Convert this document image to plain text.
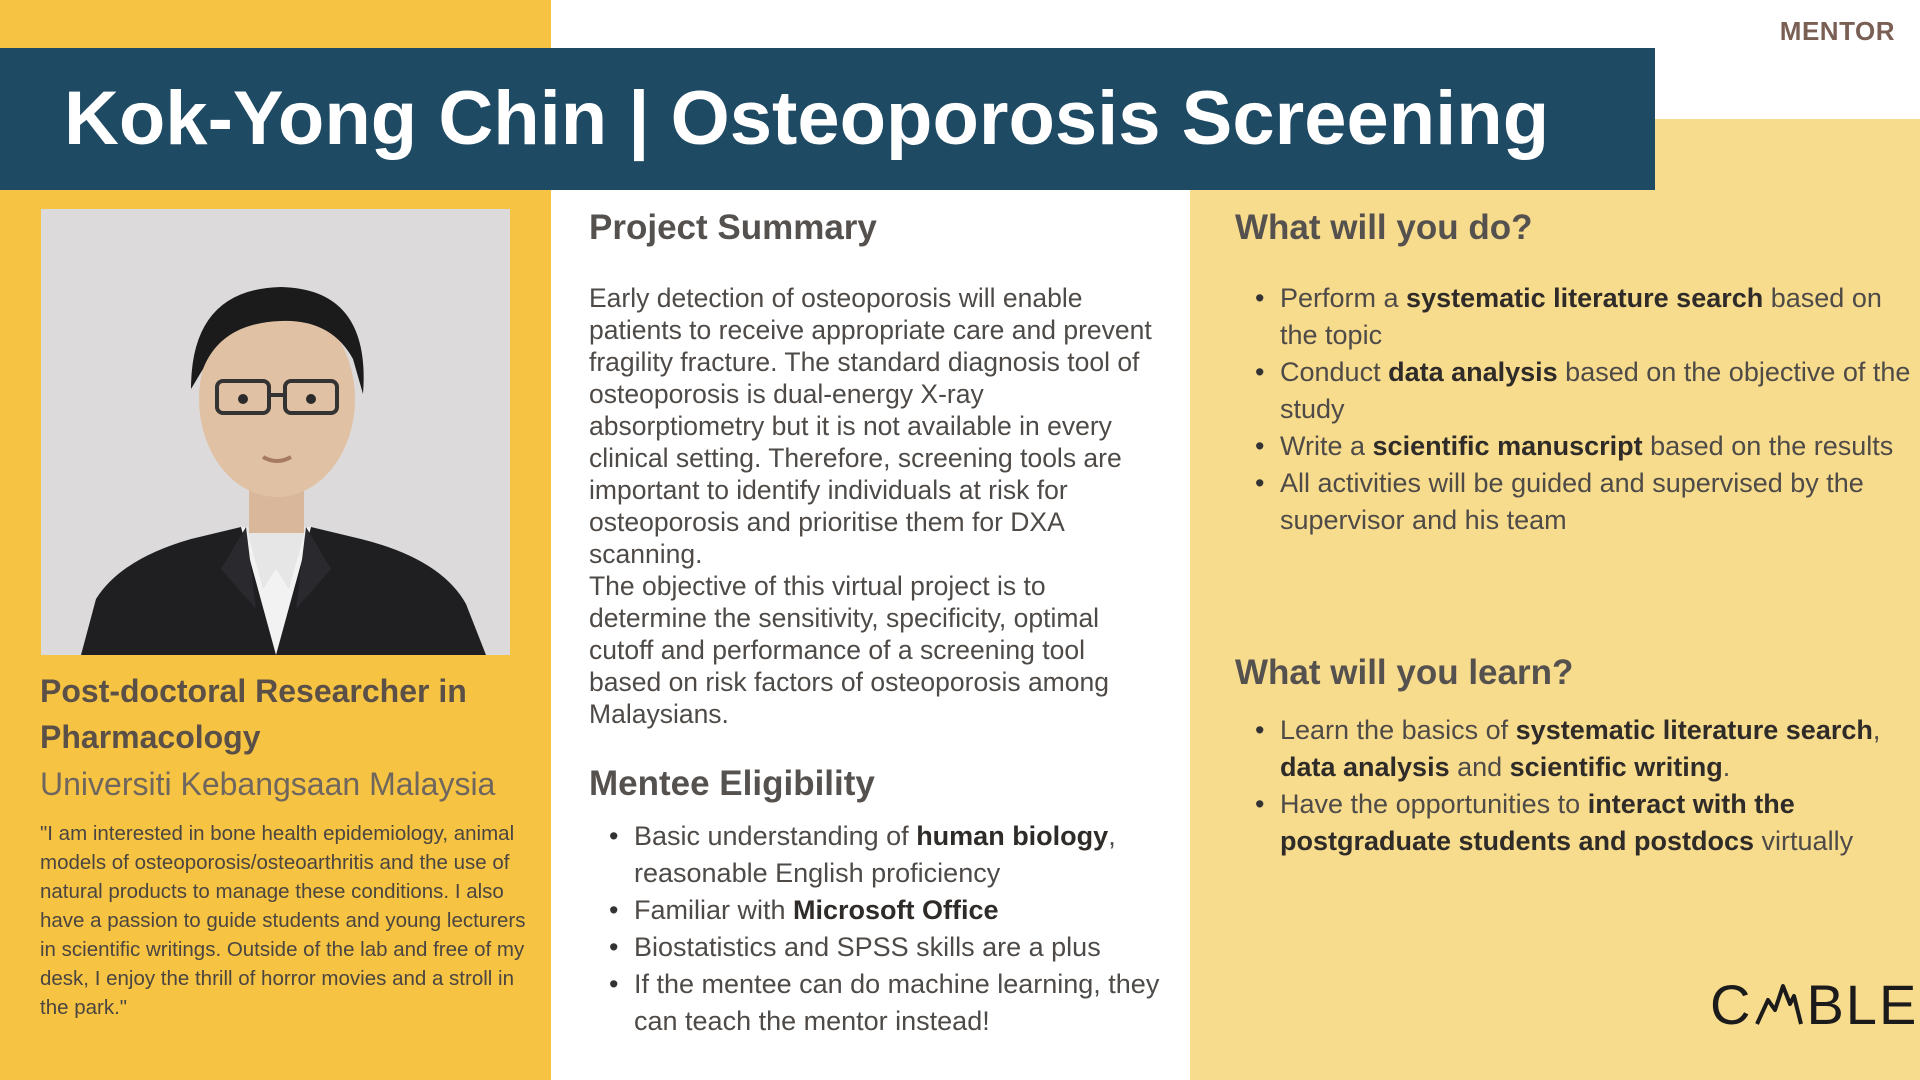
MENTOR
Kok-Yong Chin | Osteoporosis Screening
Post-doctoral Researcher in Pharmacology
Universiti Kebangsaan Malaysia
"I am interested in bone health epidemiology, animal models of osteoporosis/osteoarthritis and the use of natural products to manage these conditions. I also have a passion to guide students and young lecturers in scientific writings. Outside of the lab and free of my desk, I enjoy the thrill of horror movies and a stroll in the park."
Project Summary

Early detection of osteoporosis will enable patients to receive appropriate care and prevent fragility fracture. The standard diagnosis tool of osteoporosis is dual-energy X-ray absorptiometry but it is not available in every clinical setting. Therefore, screening tools are important to identify individuals at risk for osteoporosis and prioritise them for DXA scanning.

The objective of this virtual project is to determine the sensitivity, specificity, optimal cutoff and performance of a screening tool based on risk factors of osteoporosis among Malaysians.

Mentee Eligibility
• Basic understanding of human biology, reasonable English proficiency
• Familiar with Microsoft Office
• Biostatistics and SPSS skills are a plus
• If the mentee can do machine learning, they can teach the mentor instead!
What will you do?
• Perform a systematic literature search based on the topic
• Conduct data analysis based on the objective of the study
• Write a scientific manuscript based on the results
• All activities will be guided and supervised by the supervisor and his team
What will you learn?
• Learn the basics of systematic literature search, data analysis and scientific writing.
• Have the opportunities to interact with the postgraduate students and postdocs virtually
C BLE
